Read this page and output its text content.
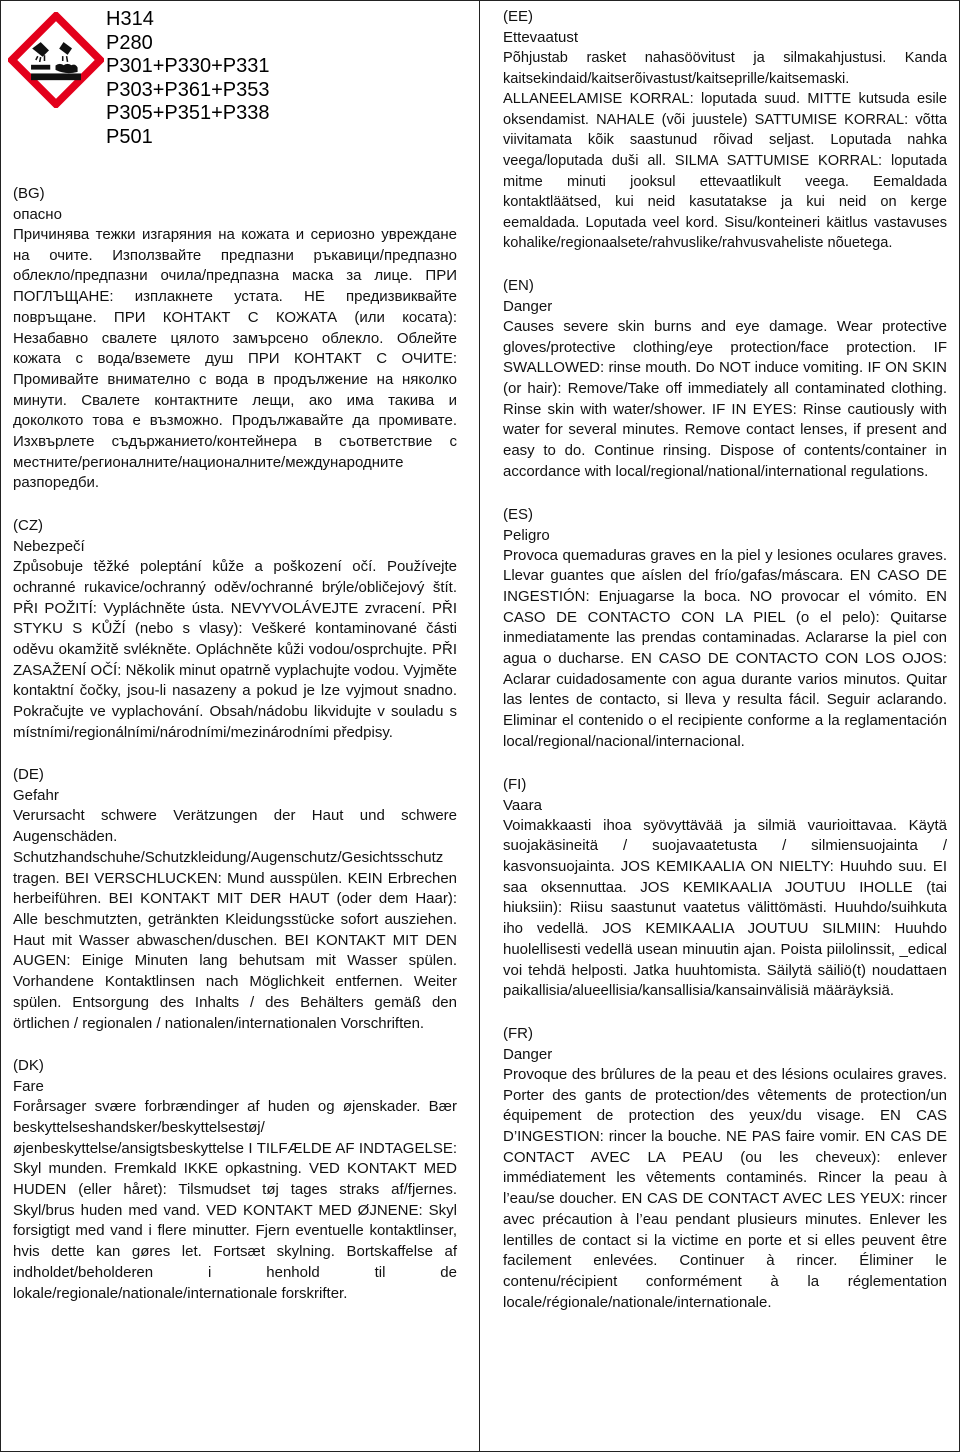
H314
P280
P301+P330+P331
P303+P361+P353
P305+P351+P338
P501
(BG)
опасно

Причинява тежки изгаряния на кожата и сериозно увреждане на очите. Използвайте предпазни ръкавици/предпазно облекло/предпазни очила/предпазна маска за лице. ПРИ ПОГЛЪЩАНЕ: изплакнете устата. НЕ предизвиквайте повръщане. ПРИ КОНТАКТ С КОЖАТА (или косата): Незабавно свалете цялото замърсено облекло. Облейте кожата с вода/вземете душ ПРИ КОНТАКТ С ОЧИТЕ: Промивайте внимателно с вода в продължение на няколко минути. Свалете контактните лещи, ако има такива и доколкото това е възможно. Продължавайте да промивате. Изхвърлете съдържанието/контейнера в съответствие с местните/регионалните/националните/международните разпоредби.

(CZ)
Nebezpečí

Způsobuje těžké poleptání kůže a poškození očí. Používejte ochranné rukavice/ochranný oděv/ochranné brýle/obličejový štít. PŘI POŽITÍ: Vypláchněte ústa. NEVYVOLÁVEJTE zvracení. PŘI STYKU S KŮŽÍ (nebo s vlasy): Veškeré kontaminované části oděvu okamžitě svlékněte. Opláchněte kůži vodou/osprchujte. PŘI ZASAŽENÍ OČÍ: Několik minut opatrně vyplachujte vodou. Vyjměte kontaktní čočky, jsou-li nasazeny a pokud je lze vyjmout snadno. Pokračujte ve vyplachování. Obsah/nádobu likvidujte v souladu s místními/regionálními/národními/mezinárodními předpisy.

(DE)
Gefahr

Verursacht schwere Verätzungen der Haut und schwere Augenschäden. Schutzhandschuhe/Schutzkleidung/Augenschutz/Gesichtsschutz tragen. BEI VERSCHLUCKEN: Mund ausspülen. KEIN Erbrechen herbeiführen. BEI KONTAKT MIT DER HAUT (oder dem Haar): Alle beschmutzten, getränkten Kleidungsstücke sofort ausziehen. Haut mit Wasser abwaschen/duschen. BEI KONTAKT MIT DEN AUGEN: Einige Minuten lang behutsam mit Wasser spülen. Vorhandene Kontaktlinsen nach Möglichkeit entfernen. Weiter spülen. Entsorgung des Inhalts / des Behälters gemäß den örtlichen / regionalen / nationalen/internationalen Vorschriften.

(DK)
Fare

Forårsager svære forbrændinger af huden og øjenskader. Bær beskyttelseshandsker/beskyttelsestøj/øjenbeskyttelse/ansigtsbeskyttelse I TILFÆLDE AF INDTAGELSE: Skyl munden. Fremkald IKKE opkastning. VED KONTAKT MED HUDEN (eller håret): Tilsmudset tøj tages straks af/fjernes. Skyl/brus huden med vand. VED KONTAKT MED ØJNENE: Skyl forsigtigt med vand i flere minutter. Fjern eventuelle kontaktlinser, hvis dette kan gøres let. Fortsæt skylning. Bortskaffelse af indholdet/beholderen i henhold til de lokale/regionale/nationale/internationale forskrifter.

(EE)
Ettevaatust

Põhjustab rasket nahasöövitust ja silmakahjustusi. Kanda kaitsekindaid/kaitserõivastust/kaitseprille/kaitsemaski. ALLANEELAMISE KORRAL: loputada suud. MITTE kutsuda esile oksendamist. NAHALE (või juustele) SATTUMISE KORRAL: võtta viivitamata kõik saastunud rõivad seljast. Loputada nahka veega/loputada duši all. SILMA SATTUMISE KORRAL: loputada mitme minuti jooksul ettevaatlikult veega. Eemaldada kontaktläätsed, kui neid kasutatakse ja kui neid on kerge eemaldada. Loputada veel kord. Sisu/konteineri käitlus vastavuses kohalike/regionaalsete/rahvuslike/rahvusvaheliste nõuetega.

(EN)
Danger

Causes severe skin burns and eye damage. Wear protective gloves/protective clothing/eye protection/face protection. IF SWALLOWED: rinse mouth. Do NOT induce vomiting. IF ON SKIN (or hair): Remove/Take off immediately all contaminated clothing. Rinse skin with water/shower. IF IN EYES: Rinse cautiously with water for several minutes. Remove contact lenses, if present and easy to do. Continue rinsing. Dispose of contents/container in accordance with local/regional/national/international regulations.

(ES)
Peligro

Provoca quemaduras graves en la piel y lesiones oculares graves. Llevar guantes que aíslen del frío/gafas/máscara. EN CASO DE INGESTIÓN: Enjuagarse la boca. NO provocar el vómito. EN CASO DE CONTACTO CON LA PIEL (o el pelo): Quitarse inmediatamente las prendas contaminadas. Aclararse la piel con agua o ducharse. EN CASO DE CONTACTO CON LOS OJOS: Aclarar cuidadosamente con agua durante varios minutos. Quitar las lentes de contacto, si lleva y resulta fácil. Seguir aclarando. Eliminar el contenido o el recipiente conforme a la reglamentación local/regional/nacional/internacional.

(FI)
Vaara

Voimakkaasti ihoa syövyttävää ja silmiä vaurioittavaa. Käytä suojakäsineitä / suojavaatetusta / silmiensuojainta / kasvonsuojainta. JOS KEMIKAALIA ON NIELTY: Huuhdo suu. EI saa oksennuttaa. JOS KEMIKAALIA JOUTUU IHOLLE (tai hiuksiin): Riisu saastunut vaatetus välittömästi. Huuhdo/suihkuta iho vedellä. JOS KEMIKAALIA JOUTUU SILMIIN: Huuhdo huolellisesti vedellä usean minuutin ajan. Poista piilolinssit, _edical voi tehdä helposti. Jatka huuhtomista. Säilytä säiliö(t) noudattaen paikallisia/alueellisia/kansallisia/kansainvälisiä määräyksiä.

(FR)
Danger

Provoque des brûlures de la peau et des lésions oculaires graves. Porter des gants de protection/des vêtements de protection/un équipement de protection des yeux/du visage. EN CAS D’INGESTION: rincer la bouche. NE PAS faire vomir. EN CAS DE CONTACT AVEC LA PEAU (ou les cheveux): enlever immédiatement les vêtements contaminés. Rincer la peau à l’eau/se doucher. EN CAS DE CONTACT AVEC LES YEUX: rincer avec précaution à l’eau pendant plusieurs minutes. Enlever les lentilles de contact si la victime en porte et si elles peuvent être facilement enlevées. Continuer à rincer. Éliminer le contenu/récipient conformément à la réglementation locale/régionale/nationale/internationale.
